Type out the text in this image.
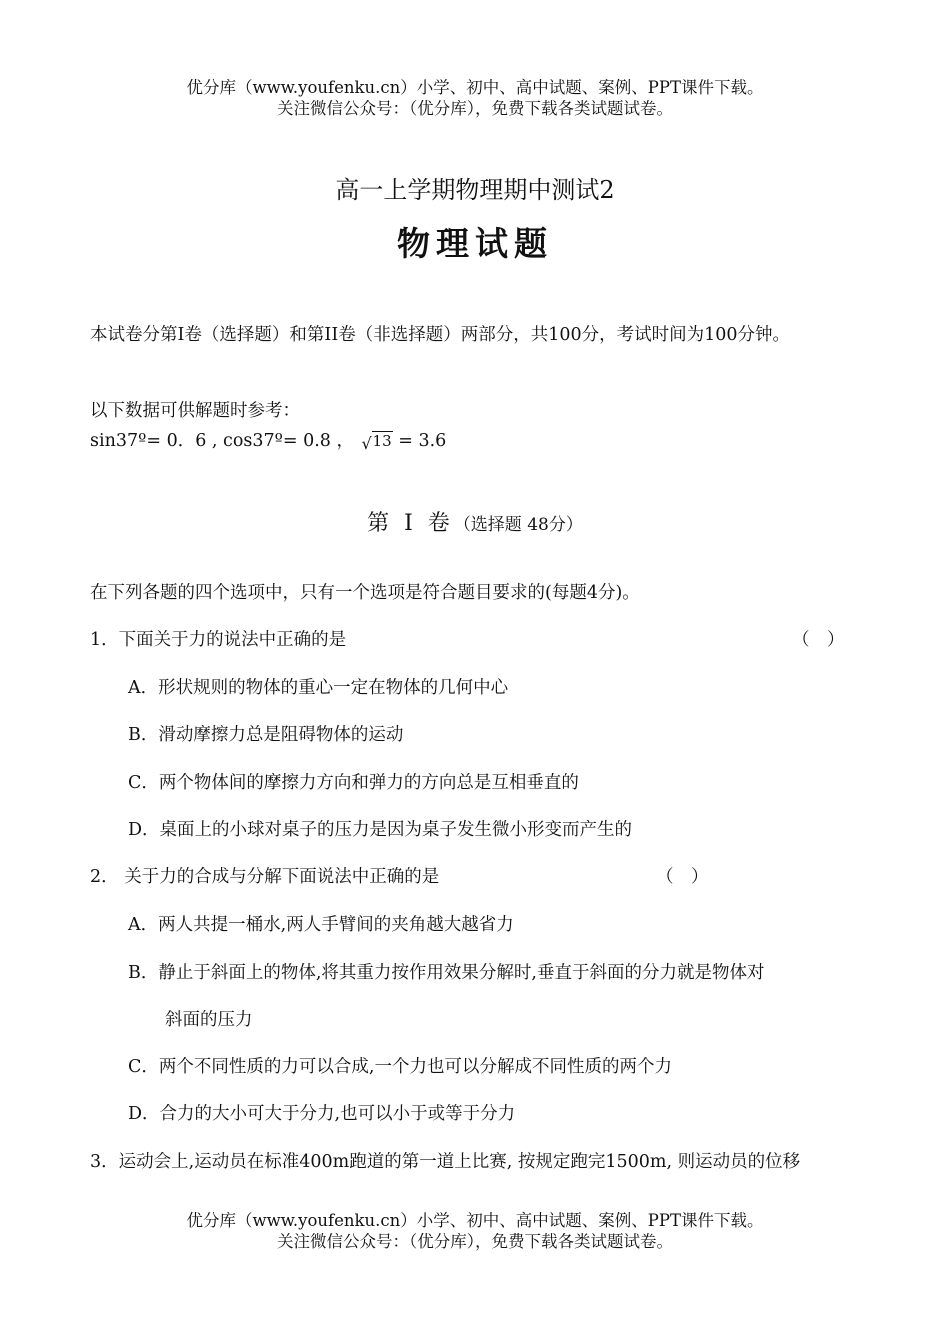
优分库（www.youfenku.cn）小学、初中、高中试题、案例、PPT课件下载。
关注微信公众号：（优分库），免费下载各类试题试卷。
高一上学期物理期中测试2
物理试题
本试卷分第I卷（选择题）和第II卷（非选择题）两部分，共100分，考试时间为100分钟。
以下数据可供解题时参考：
sin37º= 0．6 , cos37º= 0.8 ， √ 13 = 3.6
第 I 卷（选择题 48分）
在下列各题的四个选项中，只有一个选项是符合题目要求的(每题4分)。
1．下面关于力的说法中正确的是	（　）
A．形状规则的物体的重心一定在物体的几何中心
B．滑动摩擦力总是阻碍物体的运动
C．两个物体间的摩擦力方向和弹力的方向总是互相垂直的
D．桌面上的小球对桌子的压力是因为桌子发生微小形变而产生的
2． 关于力的合成与分解下面说法中正确的是	（　）
A．两人共提一桶水,两人手臂间的夹角越大越省力
B．静止于斜面上的物体,将其重力按作用效果分解时,垂直于斜面的分力就是物体对
斜面的压力
C．两个不同性质的力可以合成,一个力也可以分解成不同性质的两个力
D．合力的大小可大于分力,也可以小于或等于分力
3．运动会上,运动员在标准400m跑道的第一道上比赛, 按规定跑完1500m, 则运动员的位移
优分库（www.youfenku.cn）小学、初中、高中试题、案例、PPT课件下载。
关注微信公众号：（优分库），免费下载各类试题试卷。
